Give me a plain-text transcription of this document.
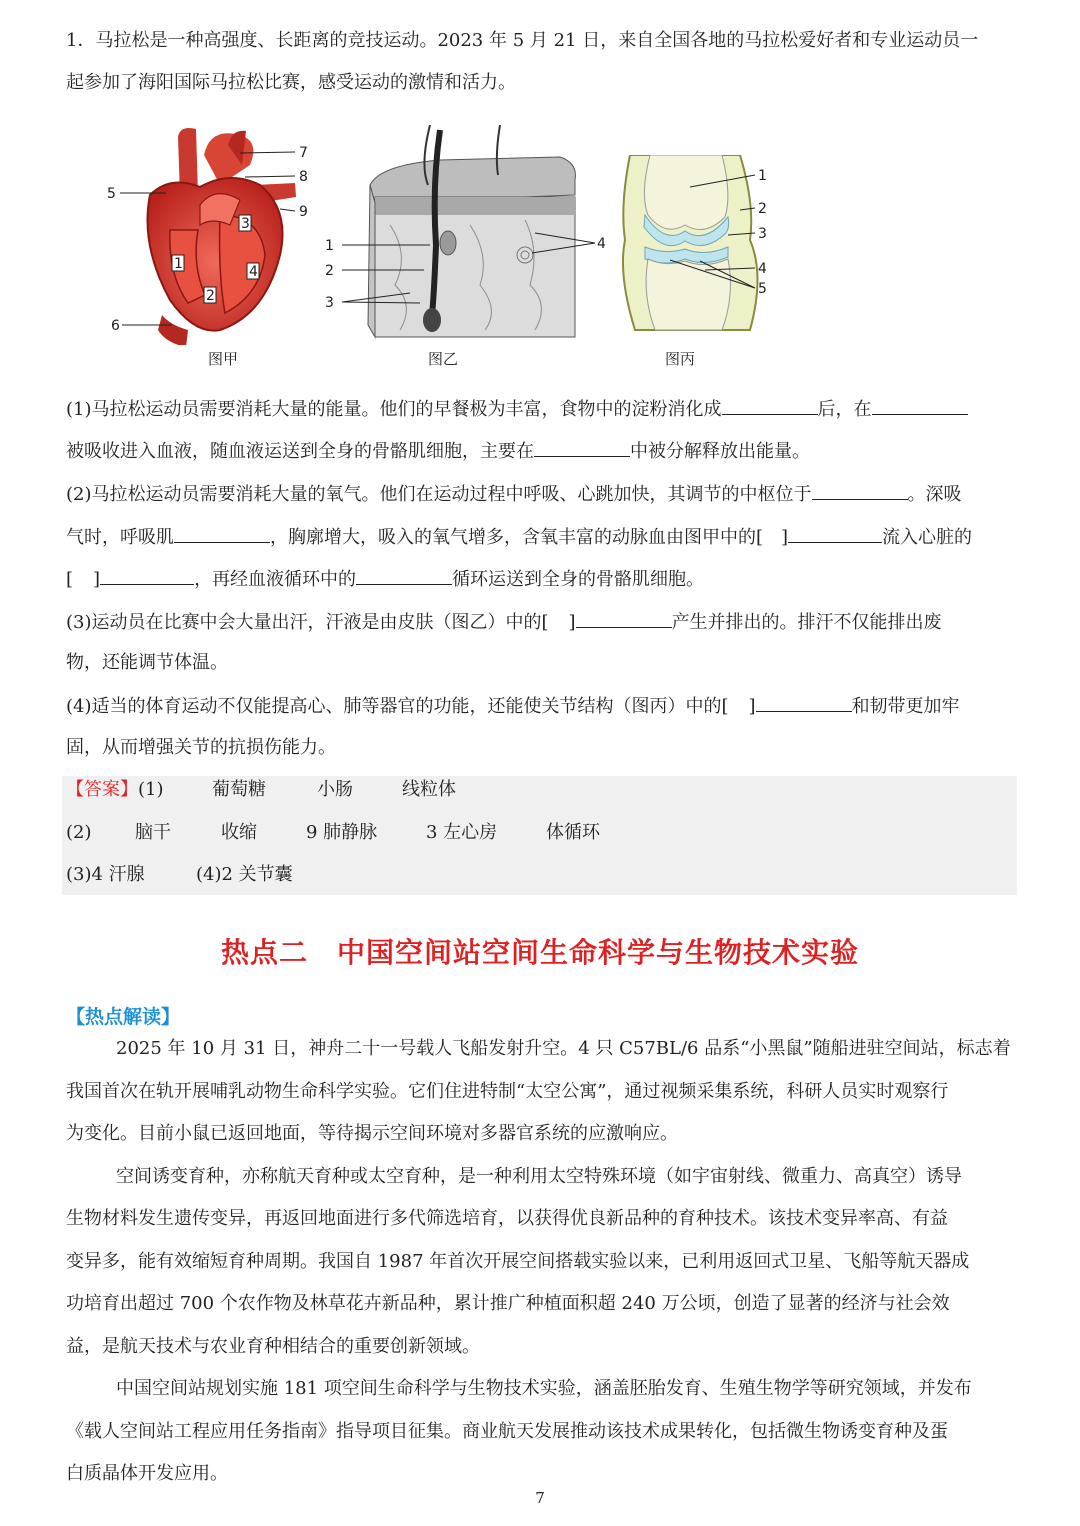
1．马拉松是一种高强度、长距离的竞技运动。2023 年 5 月 21 日，来自全国各地的马拉松爱好者和专业运动员一
起参加了海阳国际马拉松比赛，感受运动的激情和活力。
1
2
3
4
5
6
7
8
9
图甲
1
2
3
4
图乙
1
2
3
4
5
图丙
(1)马拉松运动员需要消耗大量的能量。他们的早餐极为丰富，食物中的淀粉消化成	后，在
被吸收进入血液，随血液运送到全身的骨骼肌细胞，主要在	中被分解释放出能量。
(2)马拉松运动员需要消耗大量的氧气。他们在运动过程中呼吸、心跳加快，其调节的中枢位于	。深吸
气时，呼吸肌	，胸廓增大，吸入的氧气增多，含氧丰富的动脉血由图甲中的[ ]	流入心脏的
[ ]	，再经血液循环中的	循环运送到全身的骨骼肌细胞。
(3)运动员在比赛中会大量出汗，汗液是由皮肤（图乙）中的[ ]	产生并排出的。排汗不仅能排出废
物，还能调节体温。
(4)适当的体育运动不仅能提高心、肺等器官的功能，还能使关节结构（图丙）中的[ ]	和韧带更加牢
固，从而增强关节的抗损伤能力。
【答案】(1)	葡萄糖	小肠	线粒体
(2) 脑干	收缩	9 肺静脉	3 左心房	体循环
(3)4 汗腺	(4)2 关节囊
热点二　中国空间站空间生命科学与生物技术实验
【热点解读】
2025 年 10 月 31 日，神舟二十一号载人飞船发射升空。4 只 C57BL/6 品系“小黑鼠”随船进驻空间站，标志着
我国首次在轨开展哺乳动物生命科学实验。它们住进特制“太空公寓”，通过视频采集系统，科研人员实时观察行
为变化。目前小鼠已返回地面，等待揭示空间环境对多器官系统的应激响应。
空间诱变育种，亦称航天育种或太空育种，是一种利用太空特殊环境（如宇宙射线、微重力、高真空）诱导
生物材料发生遗传变异，再返回地面进行多代筛选培育，以获得优良新品种的育种技术。该技术变异率高、有益
变异多，能有效缩短育种周期。我国自 1987 年首次开展空间搭载实验以来，已利用返回式卫星、飞船等航天器成
功培育出超过 700 个农作物及林草花卉新品种，累计推广种植面积超 240 万公顷，创造了显著的经济与社会效
益，是航天技术与农业育种相结合的重要创新领域。
中国空间站规划实施 181 项空间生命科学与生物技术实验，涵盖胚胎发育、生殖生物学等研究领域，并发布
《载人空间站工程应用任务指南》指导项目征集。商业航天发展推动该技术成果转化，包括微生物诱变育种及蛋
白质晶体开发应用。
7
